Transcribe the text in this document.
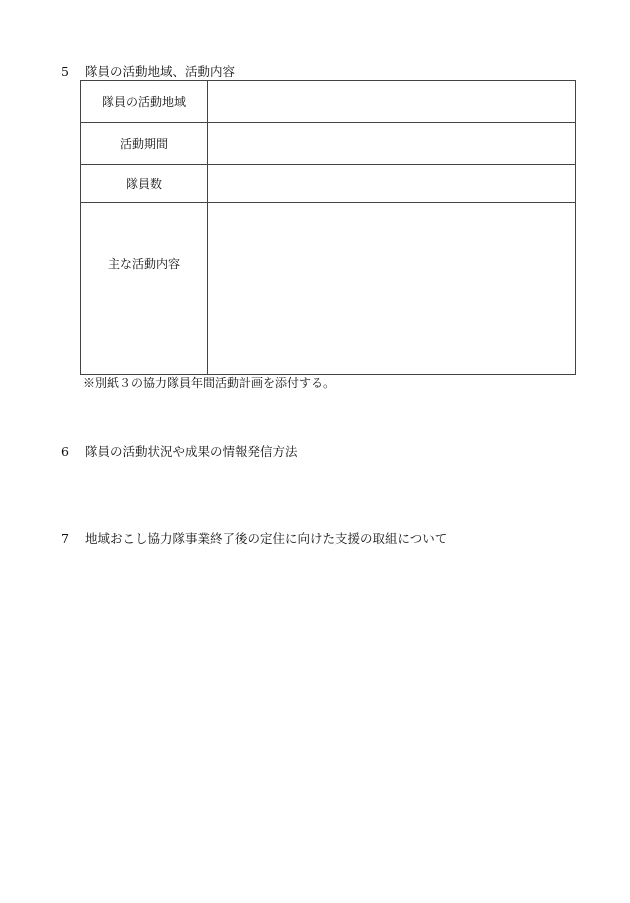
5 隊員の活動地域、活動内容
隊員の活動地域	
活動期間	
隊員数	
主な活動内容	
※別紙３の協力隊員年間活動計画を添付する。
6 隊員の活動状況や成果の情報発信方法
7 地域おこし協力隊事業終了後の定住に向けた支援の取組について
